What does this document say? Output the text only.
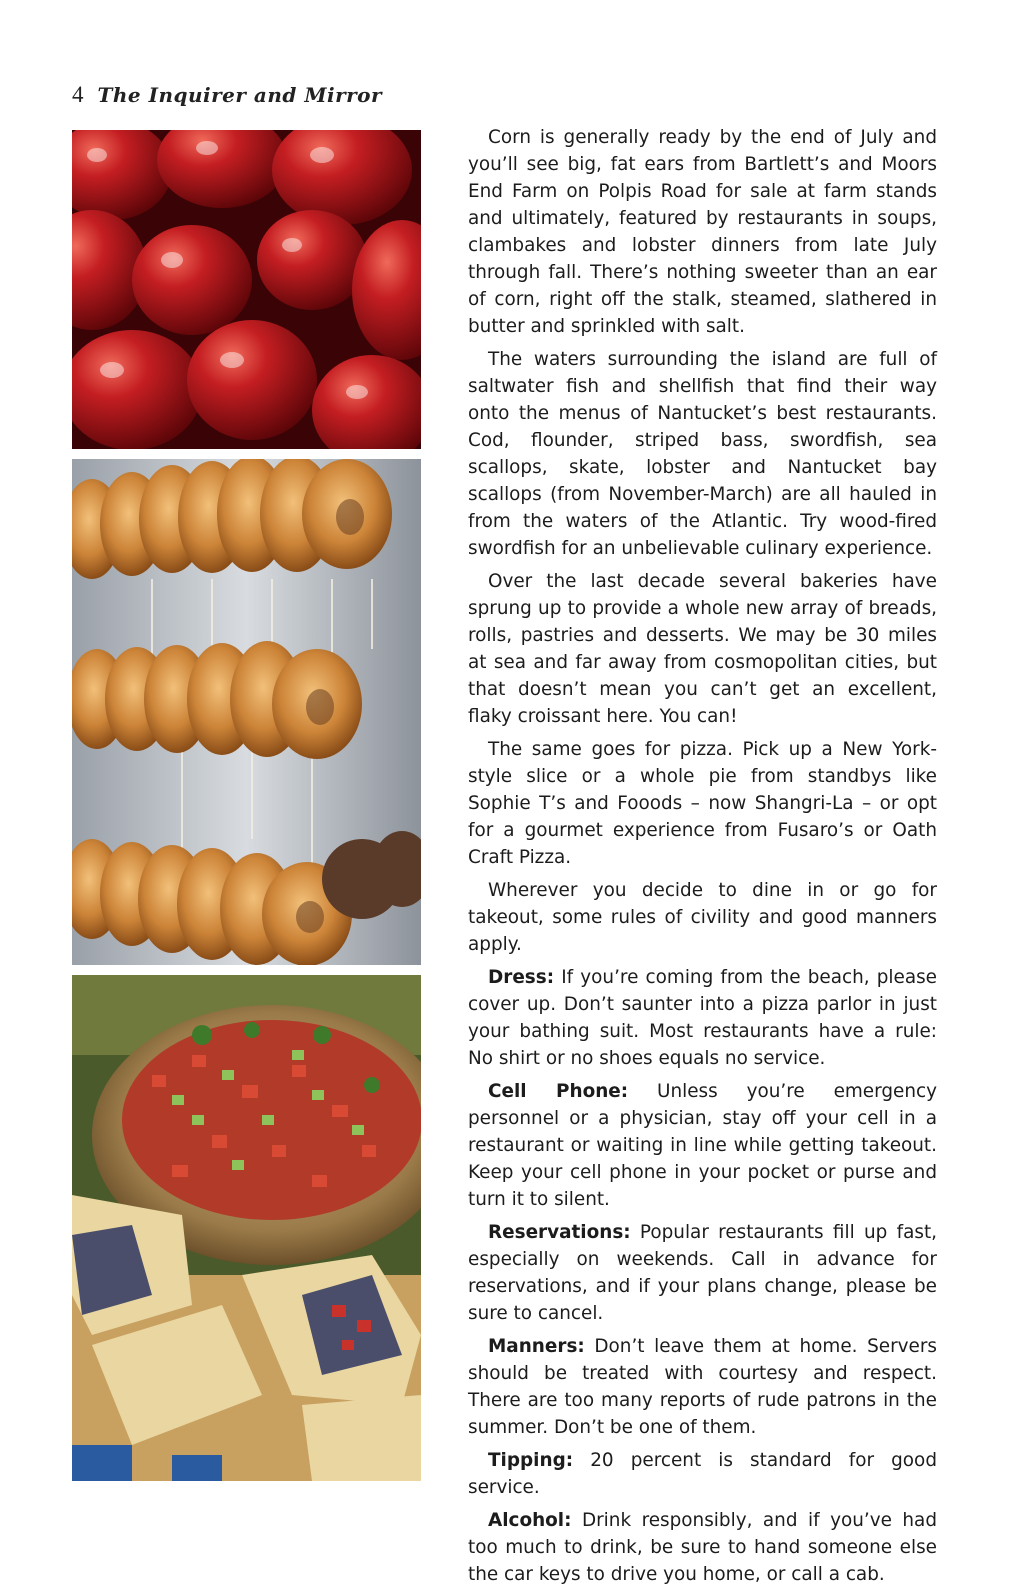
4 The Inquirer and Mirror

Corn is generally ready by the end of July and you’ll see big, fat ears from Bartlett’s and Moors End Farm on Polpis Road for sale at farm stands and ultimately, featured by restaurants in soups, clambakes and lobster dinners from late July through fall. There’s nothing sweeter than an ear of corn, right off the stalk, steamed, slathered in butter and sprinkled with salt.

The waters surrounding the island are full of saltwater fish and shellfish that find their way onto the menus of Nantucket’s best restaurants. Cod, flounder, striped bass, swordfish, sea scallops, skate, lobster and Nantucket bay scallops (from November-March) are all hauled in from the waters of the Atlantic. Try wood-fired swordfish for an unbelievable culinary experience.

Over the last decade several bakeries have sprung up to provide a whole new array of breads, rolls, pastries and desserts. We may be 30 miles at sea and far away from cosmopolitan cities, but that doesn’t mean you can’t get an excellent, flaky croissant here. You can!

The same goes for pizza. Pick up a New York-style slice or a whole pie from standbys like Sophie T’s and Fooods – now Shangri-La – or opt for a gourmet experience from Fusaro’s or Oath Craft Pizza.

Wherever you decide to dine in or go for takeout, some rules of civility and good manners apply.

Dress: If you’re coming from the beach, please cover up. Don’t saunter into a pizza parlor in just your bathing suit. Most restaurants have a rule: No shirt or no shoes equals no service.

Cell Phone: Unless you’re emergency personnel or a physician, stay off your cell in a restaurant or waiting in line while getting takeout. Keep your cell phone in your pocket or purse and turn it to silent.

Reservations: Popular restaurants fill up fast, especially on weekends. Call in advance for reservations, and if your plans change, please be sure to cancel.

Manners: Don’t leave them at home. Servers should be treated with courtesy and respect. There are too many reports of rude patrons in the summer. Don’t be one of them.

Tipping: 20 percent is standard for good service.

Alcohol: Drink responsibly, and if you’ve had too much to drink, be sure to hand someone else the car keys to drive you home, or call a cab.
